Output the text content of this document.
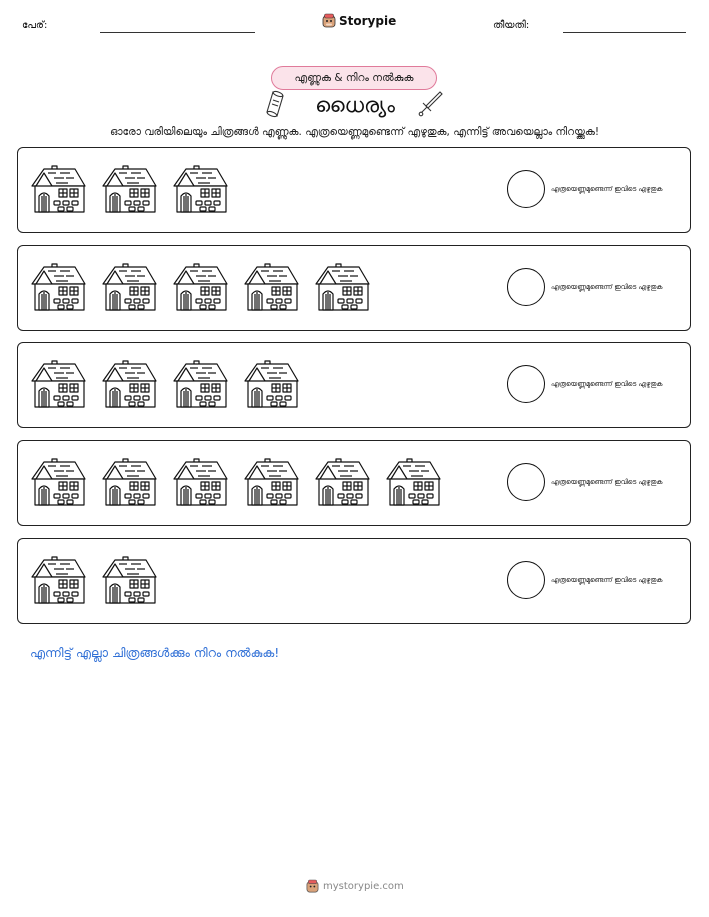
പേര്:	Storypie	തീയതി:
എണ്ണുക & നിറം നൽകുക
ധൈര്യം
ഓരോ വരിയിലെയും ചിത്രങ്ങൾ എണ്ണുക. എത്രയെണ്ണമുണ്ടെന്ന് എഴുതുക, എന്നിട്ട് അവയെല്ലാം നിറയ്ക്കുക!
എത്രയെണ്ണമുണ്ടെന്ന് ഇവിടെ എഴുതുക
എത്രയെണ്ണമുണ്ടെന്ന് ഇവിടെ എഴുതുക
എത്രയെണ്ണമുണ്ടെന്ന് ഇവിടെ എഴുതുക
എത്രയെണ്ണമുണ്ടെന്ന് ഇവിടെ എഴുതുക
എത്രയെണ്ണമുണ്ടെന്ന് ഇവിടെ എഴുതുക
എന്നിട്ട് എല്ലാ ചിത്രങ്ങൾക്കും നിറം നൽകുക!
mystorypie.com
